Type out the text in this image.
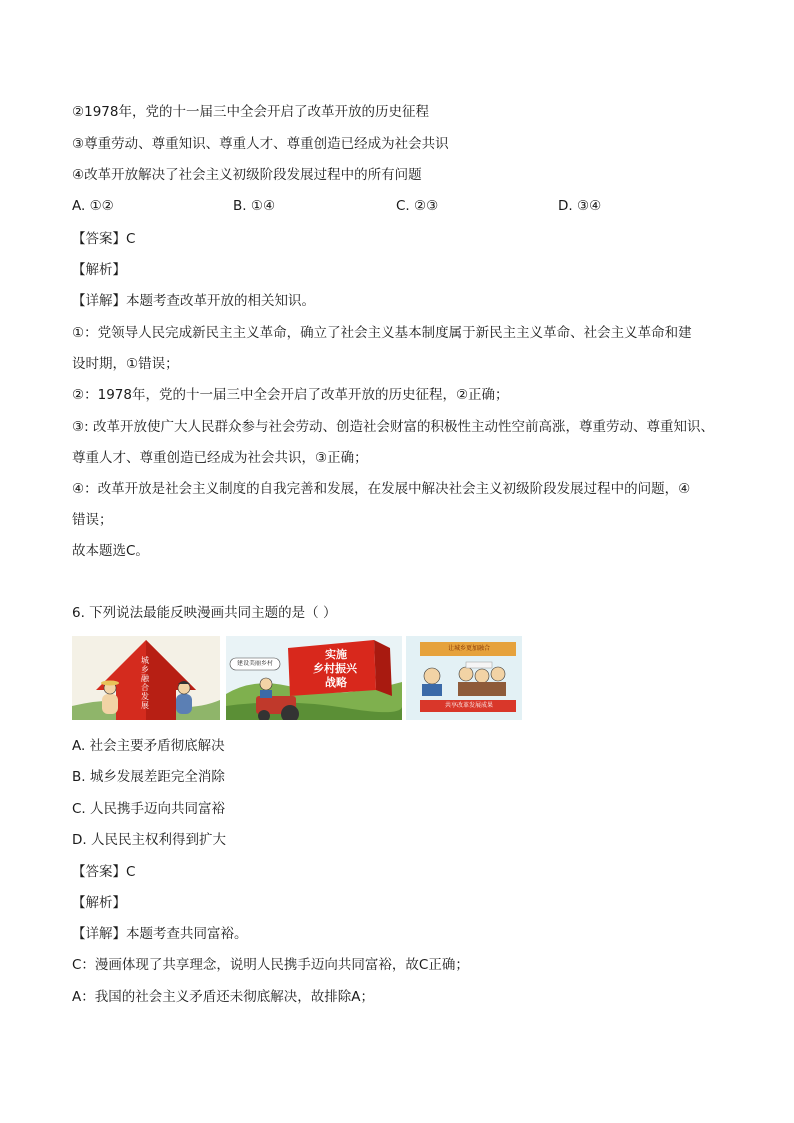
②1978年，党的十一届三中全会开启了改革开放的历史征程
③尊重劳动、尊重知识、尊重人才、尊重创造已经成为社会共识
④改革开放解决了社会主义初级阶段发展过程中的所有问题
A. ①②	B. ①④	C. ②③	D. ③④
【答案】C
【解析】
【详解】本题考查改革开放的相关知识。
①：党领导人民完成新民主主义革命，确立了社会主义基本制度属于新民主主义革命、社会主义革命和建
设时期，①错误；
②：1978年，党的十一届三中全会开启了改革开放的历史征程，②正确；
③: 改革开放使广大人民群众参与社会劳动、创造社会财富的积极性主动性空前高涨，尊重劳动、尊重知识、
尊重人才、尊重创造已经成为社会共识，③正确；
④：改革开放是社会主义制度的自我完善和发展，在发展中解决社会主义初级阶段发展过程中的问题，④
错误；
故本题选C。
6. 下列说法最能反映漫画共同主题的是（ ）
城乡融合发展
建设美丽乡村
实施
乡村振兴
战略
让城乡更加融合
共享改革发展成果
A. 社会主要矛盾彻底解决
B. 城乡发展差距完全消除
C. 人民携手迈向共同富裕
D. 人民民主权利得到扩大
【答案】C
【解析】
【详解】本题考查共同富裕。
C：漫画体现了共享理念，说明人民携手迈向共同富裕，故C正确；
A：我国的社会主义矛盾还未彻底解决，故排除A；
